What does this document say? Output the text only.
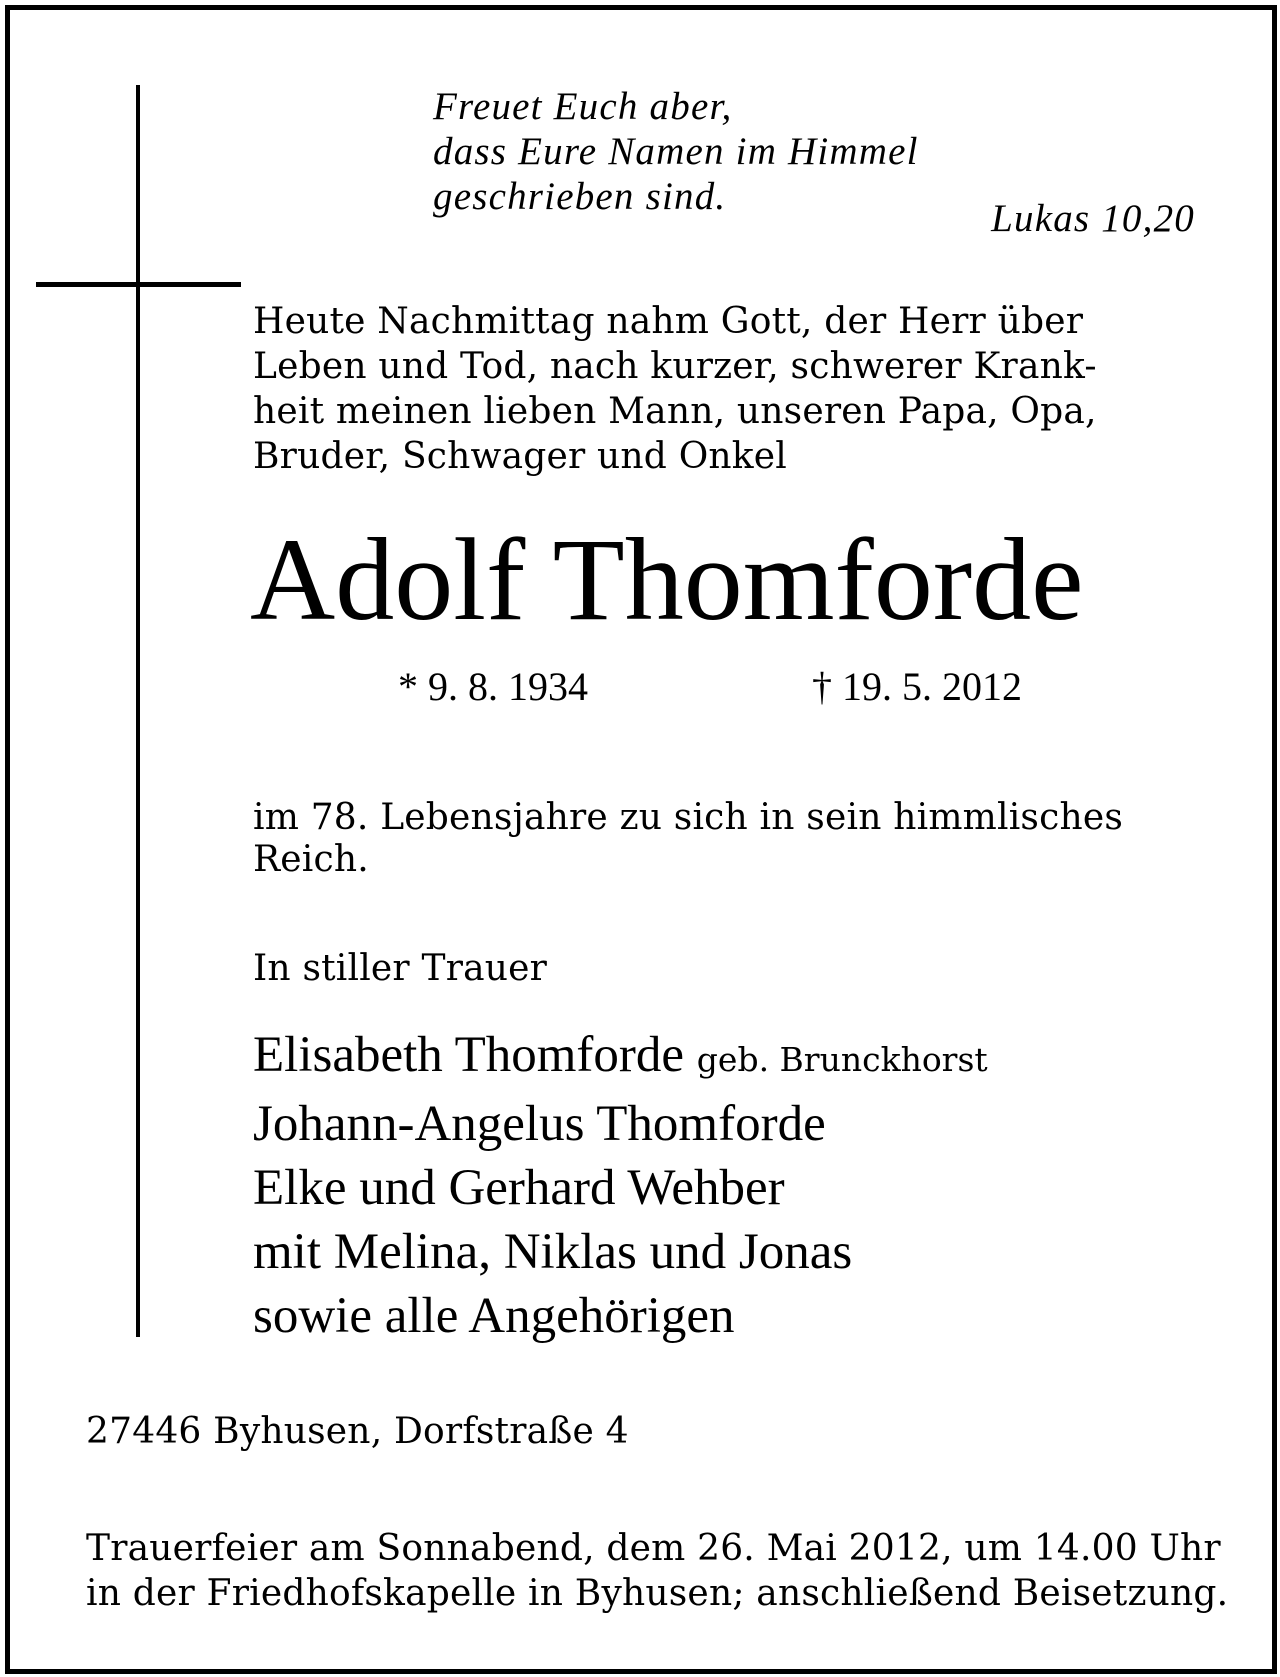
Freuet Euch aber,
dass Eure Namen im Himmel
geschrieben sind.
Lukas 10,20
Heute Nachmittag nahm Gott, der Herr über
Leben und Tod, nach kurzer, schwerer Krank-
heit meinen lieben Mann, unseren Papa, Opa,
Bruder, Schwager und Onkel
Adolf Thomforde
* 9. 8. 1934	† 19. 5. 2012
im 78. Lebensjahre zu sich in sein himmlisches
Reich.
In stiller Trauer
Elisabeth Thomforde geb. Brunckhorst
Johann-Angelus Thomforde
Elke und Gerhard Wehber
mit Melina, Niklas und Jonas
sowie alle Angehörigen
27446 Byhusen, Dorfstraße 4
Trauerfeier am Sonnabend, dem 26. Mai 2012, um 14.00 Uhr
in der Friedhofskapelle in Byhusen; anschließend Beisetzung.
